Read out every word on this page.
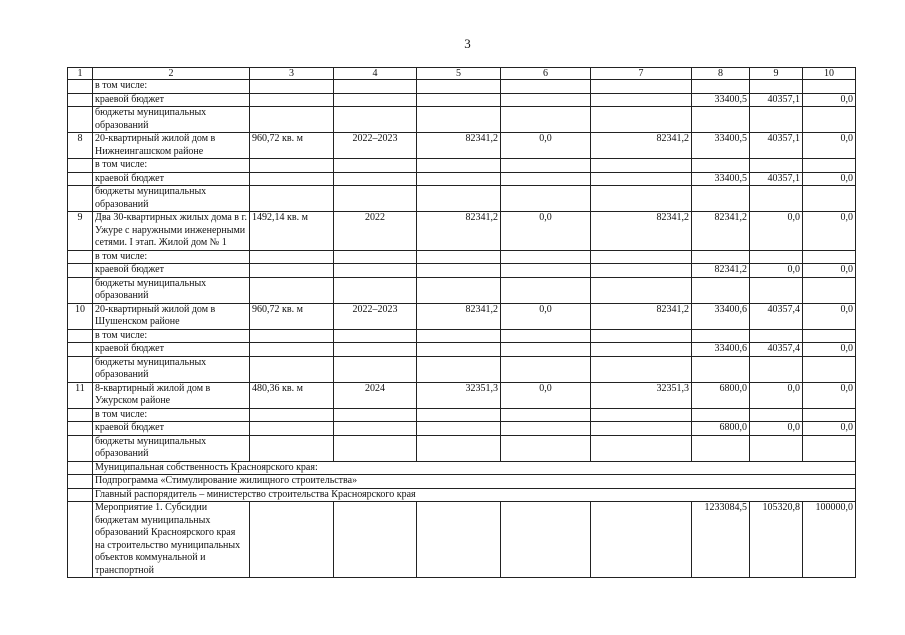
3
1	2	3	4	5	6	7	8	9	10
	в том числе:								
	краевой бюджет						33400,5	40357,1	0,0
	бюджеты муниципальных образований								
8	20-квартирный жилой дом в Нижнеингашском районе	960,72 кв. м	2022–2023	82341,2	0,0	82341,2	33400,5	40357,1	0,0
	в том числе:								
	краевой бюджет						33400,5	40357,1	0,0
	бюджеты муниципальных образований								
9	Два 30-квартирных жилых дома в г. Ужуре с наружными инженерными сетями. I этап. Жилой дом № 1	1492,14 кв. м	2022	82341,2	0,0	82341,2	82341,2	0,0	0,0
	в том числе:								
	краевой бюджет						82341,2	0,0	0,0
	бюджеты муниципальных образований								
10	20-квартирный жилой дом в Шушенском районе	960,72 кв. м	2022–2023	82341,2	0,0	82341,2	33400,6	40357,4	0,0
	в том числе:								
	краевой бюджет						33400,6	40357,4	0,0
	бюджеты муниципальных образований								
11	8-квартирный жилой дом в Ужурском районе	480,36 кв. м	2024	32351,3	0,0	32351,3	6800,0	0,0	0,0
	в том числе:								
	краевой бюджет						6800,0	0,0	0,0
	бюджеты муниципальных образований								
	Муниципальная собственность Красноярского края:								
	Подпрограмма «Стимулирование жилищного строительства»								
	Главный распорядитель – министерство строительства Красноярского края								
	Мероприятие 1. Субсидии бюджетам муниципальных образований Красноярского края на строительство муниципальных объектов коммунальной и транспортной						1233084,5	105320,8	100000,0
